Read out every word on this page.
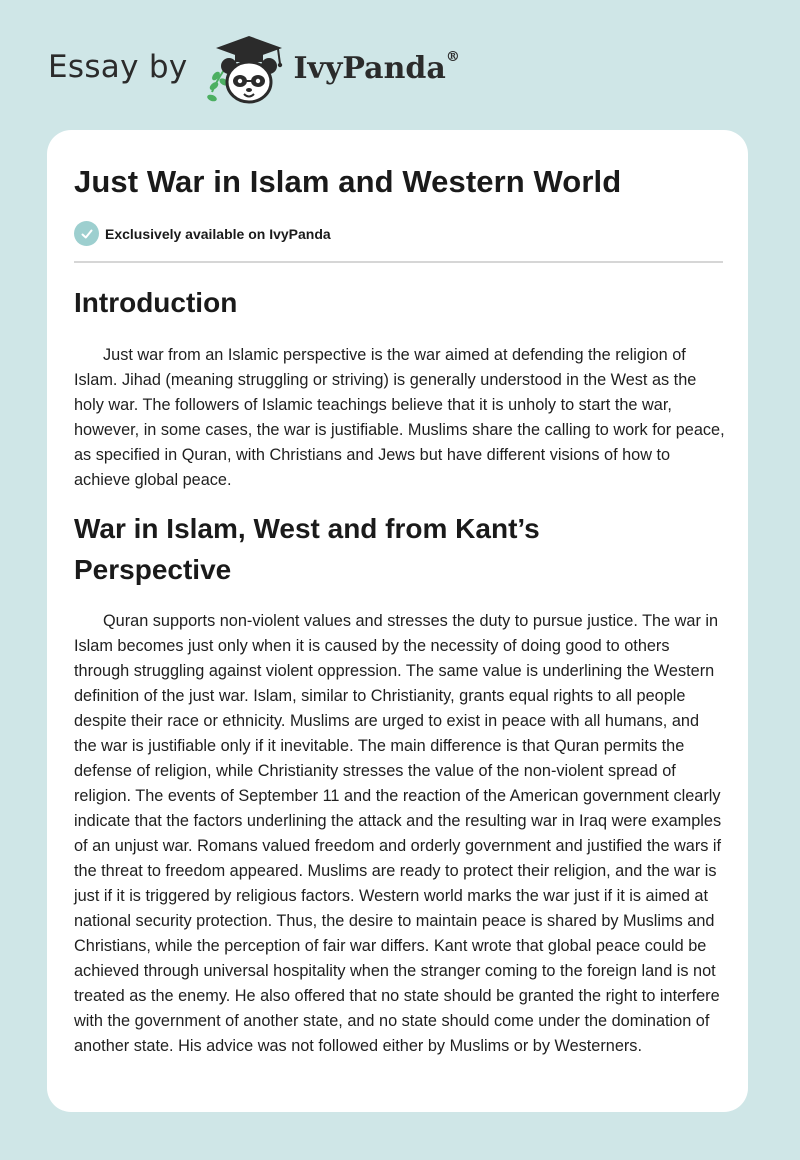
Essay by	IvyPanda®
Just War in Islam and Western World
Exclusively available on IvyPanda
Introduction

Just war from an Islamic perspective is the war aimed at defending the religion of Islam. Jihad (meaning struggling or striving) is generally understood in the West as the holy war. The followers of Islamic teachings believe that it is unholy to start the war, however, in some cases, the war is justifiable. Muslims share the calling to work for peace, as specified in Quran, with Christians and Jews but have different visions of how to achieve global peace.

War in Islam, West and from Kant’s Perspective

Quran supports non-violent values and stresses the duty to pursue justice. The war in Islam becomes just only when it is caused by the necessity of doing good to others through struggling against violent oppression. The same value is underlining the Western definition of the just war. Islam, similar to Christianity, grants equal rights to all people despite their race or ethnicity. Muslims are urged to exist in peace with all humans, and the war is justifiable only if it inevitable. The main difference is that Quran permits the defense of religion, while Christianity stresses the value of the non-violent spread of religion. The events of September 11 and the reaction of the American government clearly indicate that the factors underlining the attack and the resulting war in Iraq were examples of an unjust war. Romans valued freedom and orderly government and justified the wars if the threat to freedom appeared. Muslims are ready to protect their religion, and the war is just if it is triggered by religious factors. Western world marks the war just if it is aimed at national security protection. Thus, the desire to maintain peace is shared by Muslims and Christians, while the perception of fair war differs. Kant wrote that global peace could be achieved through universal hospitality when the stranger coming to the foreign land is not treated as the enemy. He also offered that no state should be granted the right to interfere with the government of another state, and no state should come under the domination of another state. His advice was not followed either by Muslims or by Westerners.
